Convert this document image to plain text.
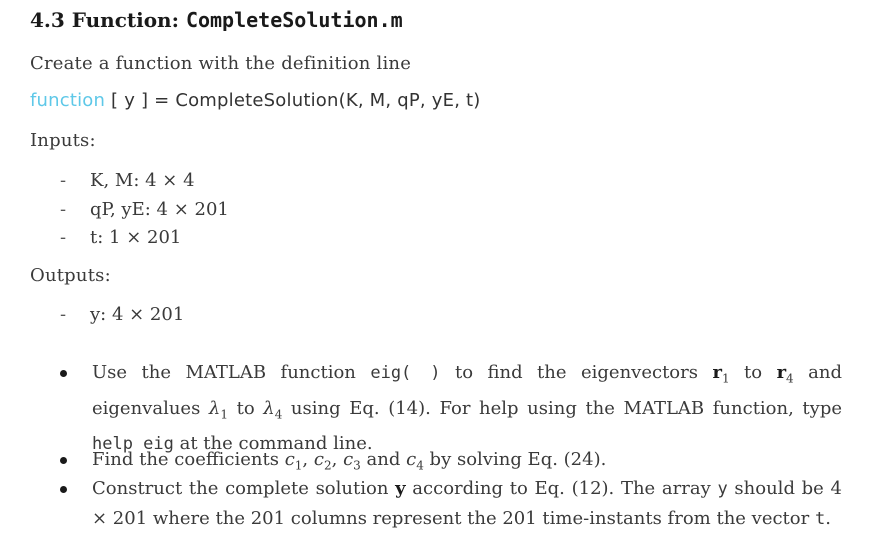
4.3 Function: CompleteSolution.m
Create a function with the definition line
function [ y ] = CompleteSolution(K, M, qP, yE, t)
Inputs:
- K, M: 4 × 4
- qP, yE: 4 × 201
- t: 1 × 201
Outputs:
- y: 4 × 201
Use the MATLAB function eig( ) to find the eigenvectors $r_1$ to $r_4$ and eigenvalues $\lambda_1$ to $\lambda_4$ using Eq. (14). For help using the MATLAB function, type help eig at the command line.
Find the coefficients $c_1$, $c_2$, $c_3$ and $c_4$ by solving Eq. (24).
Construct the complete solution y according to Eq. (12). The array y should be 4 × 201 where the 201 columns represent the 201 time-instants from the vector t.
